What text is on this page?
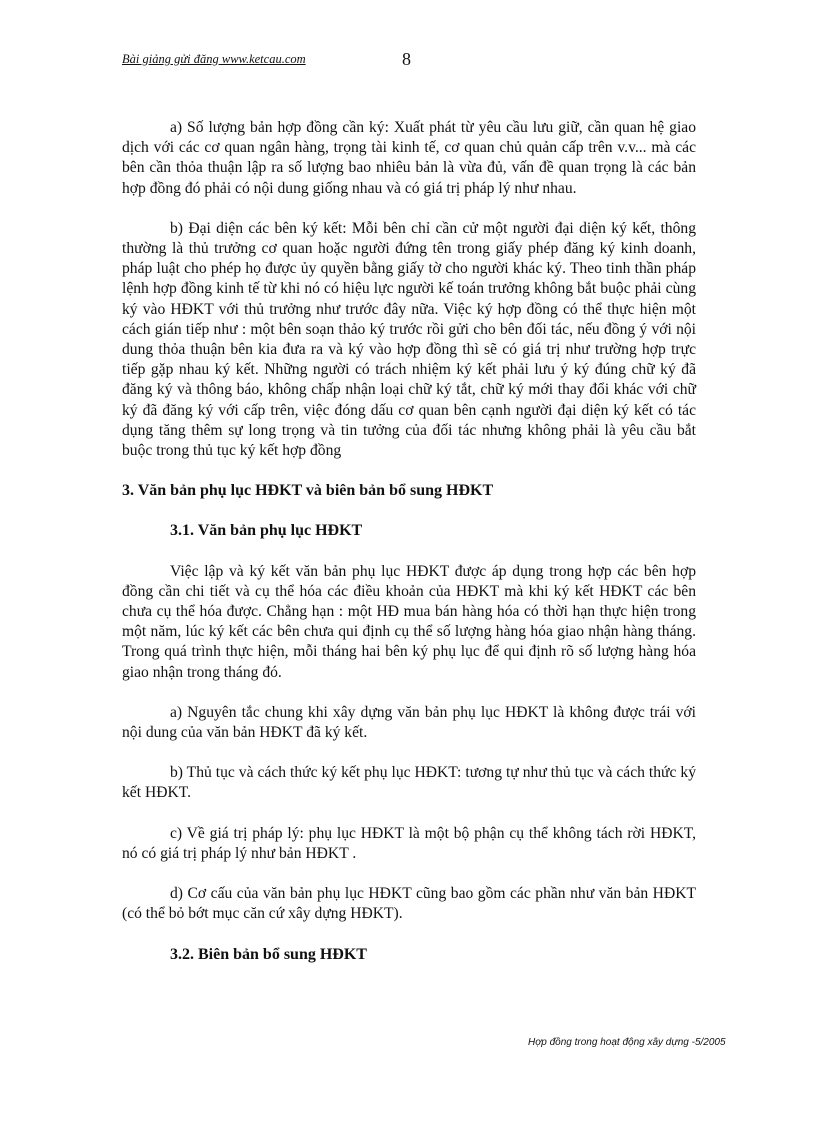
Bài giảng gửi đăng www.ketcau.com	8

a) Số lượng bản hợp đồng cần ký: Xuất phát từ yêu cầu lưu giữ, cần quan hệ giao dịch với các cơ quan ngân hàng, trọng tài kinh tế, cơ quan chủ quản cấp trên v.v... mà các bên cần thỏa thuận lập ra số lượng bao nhiêu bản là vừa đủ, vấn đề quan trọng là các bản hợp đồng đó phải có nội dung giống nhau và có giá trị pháp lý như nhau.

b) Đại diện các bên ký kết: Mỗi bên chỉ cần cử một người đại diện ký kết, thông thường là thủ trưởng cơ quan hoặc người đứng tên trong giấy phép đăng ký kinh doanh, pháp luật cho phép họ được ủy quyền bằng giấy tờ cho người khác ký. Theo tinh thần pháp lệnh hợp đồng kinh tế từ khi nó có hiệu lực người kế toán trưởng không bắt buộc phải cùng ký vào HĐKT với thủ trưởng như trước đây nữa. Việc ký hợp đồng có thể thực hiện một cách gián tiếp như : một bên soạn thảo ký trước rồi gửi cho bên đối tác, nếu đồng ý với nội dung thỏa thuận bên kia đưa ra và ký vào hợp đồng thì sẽ có giá trị như trường hợp trực tiếp gặp nhau ký kết. Những người có trách nhiệm ký kết phải lưu ý ký đúng chữ ký đã đăng ký và thông báo, không chấp nhận loại chữ ký tắt, chữ ký mới thay đổi khác với chữ ký đã đăng ký với cấp trên, việc đóng dấu cơ quan bên cạnh người đại diện ký kết có tác dụng tăng thêm sự long trọng và tin tưởng của đối tác nhưng không phải là yêu cầu bắt buộc trong thủ tục ký kết hợp đồng

3. Văn bản phụ lục HĐKT và biên bản bổ sung HĐKT
3.1. Văn bản phụ lục HĐKT

Việc lập và ký kết văn bản phụ lục HĐKT được áp dụng trong hợp các bên hợp đồng cần chi tiết và cụ thể hóa các điều khoản của HĐKT mà khi ký kết HĐKT các bên chưa cụ thể hóa được. Chẳng hạn : một HĐ mua bán hàng hóa có thời hạn thực hiện trong một năm, lúc ký kết các bên chưa qui định cụ thể số lượng hàng hóa giao nhận hàng tháng. Trong quá trình thực hiện, mỗi tháng hai bên ký phụ lục để qui định rõ số lượng hàng hóa giao nhận trong tháng đó.

a) Nguyên tắc chung khi xây dựng văn bản phụ lục HĐKT là không được trái với nội dung của văn bản HĐKT đã ký kết.

b) Thủ tục và cách thức ký kết phụ lục HĐKT: tương tự như thủ tục và cách thức ký kết HĐKT.

c) Về giá trị pháp lý: phụ lục HĐKT là một bộ phận cụ thể không tách rời HĐKT, nó có giá trị pháp lý như bản HĐKT .

d) Cơ cấu của văn bản phụ lục HĐKT cũng bao gồm các phần như văn bản HĐKT (có thể bỏ bớt mục căn cứ xây dựng HĐKT).

3.2. Biên bản bổ sung HĐKT
Hợp đồng trong hoạt động xây dựng -5/2005
